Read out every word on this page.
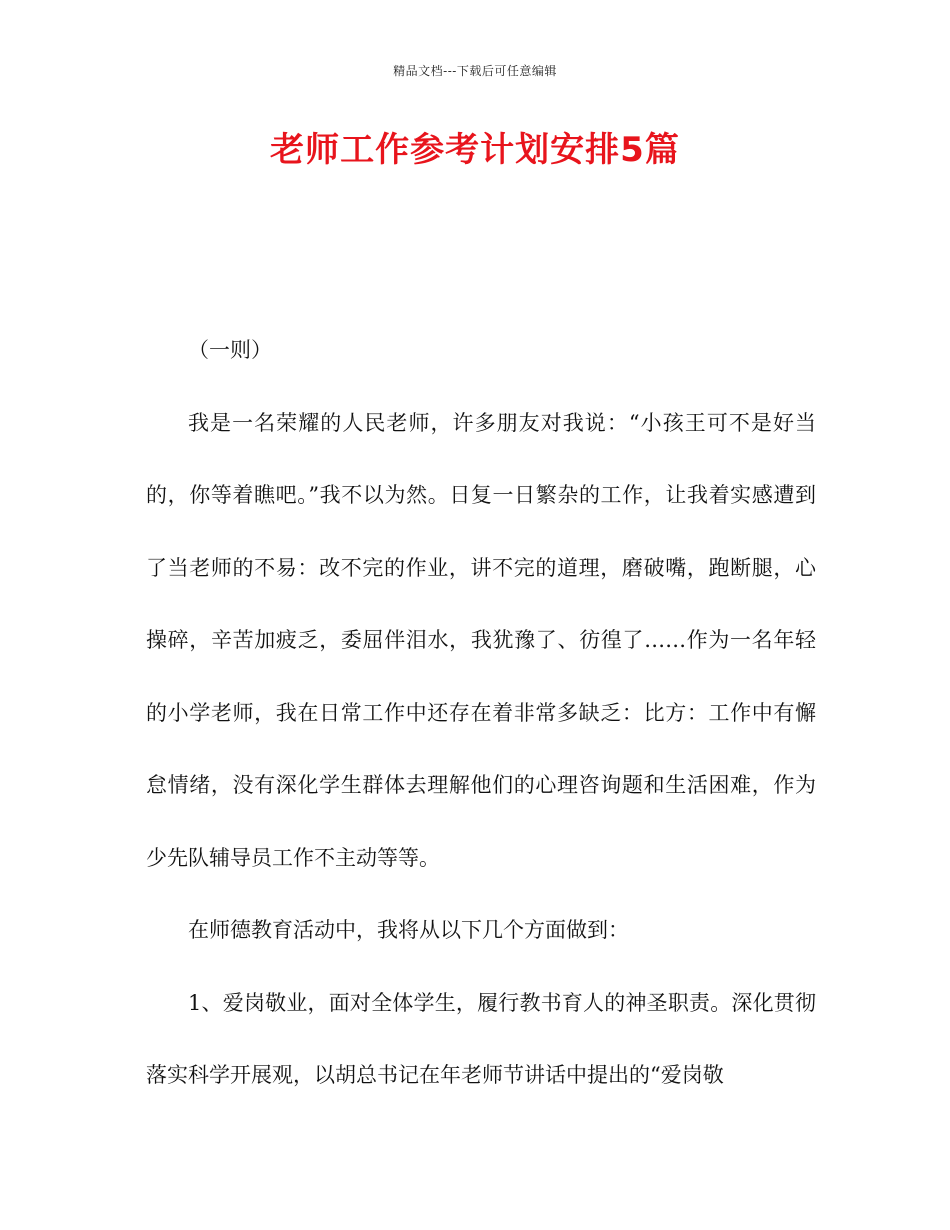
精品文档---下载后可任意编辑
老师工作参考计划安排5篇

（一则）

我是一名荣耀的人民老师，许多朋友对我说：“小孩王可不是好当的，你等着瞧吧。”我不以为然。日复一日繁杂的工作，让我着实感遭到了当老师的不易：改不完的作业，讲不完的道理，磨破嘴，跑断腿，心操碎，辛苦加疲乏，委屈伴泪水，我犹豫了、彷徨了……作为一名年轻的小学老师，我在日常工作中还存在着非常多缺乏：比方：工作中有懈怠情绪，没有深化学生群体去理解他们的心理咨询题和生活困难，作为少先队辅导员工作不主动等等。

在师德教育活动中，我将从以下几个方面做到：

1、爱岗敬业，面对全体学生，履行教书育人的神圣职责。深化贯彻落实科学开展观，以胡总书记在年老师节讲话中提出的“爱岗敬
